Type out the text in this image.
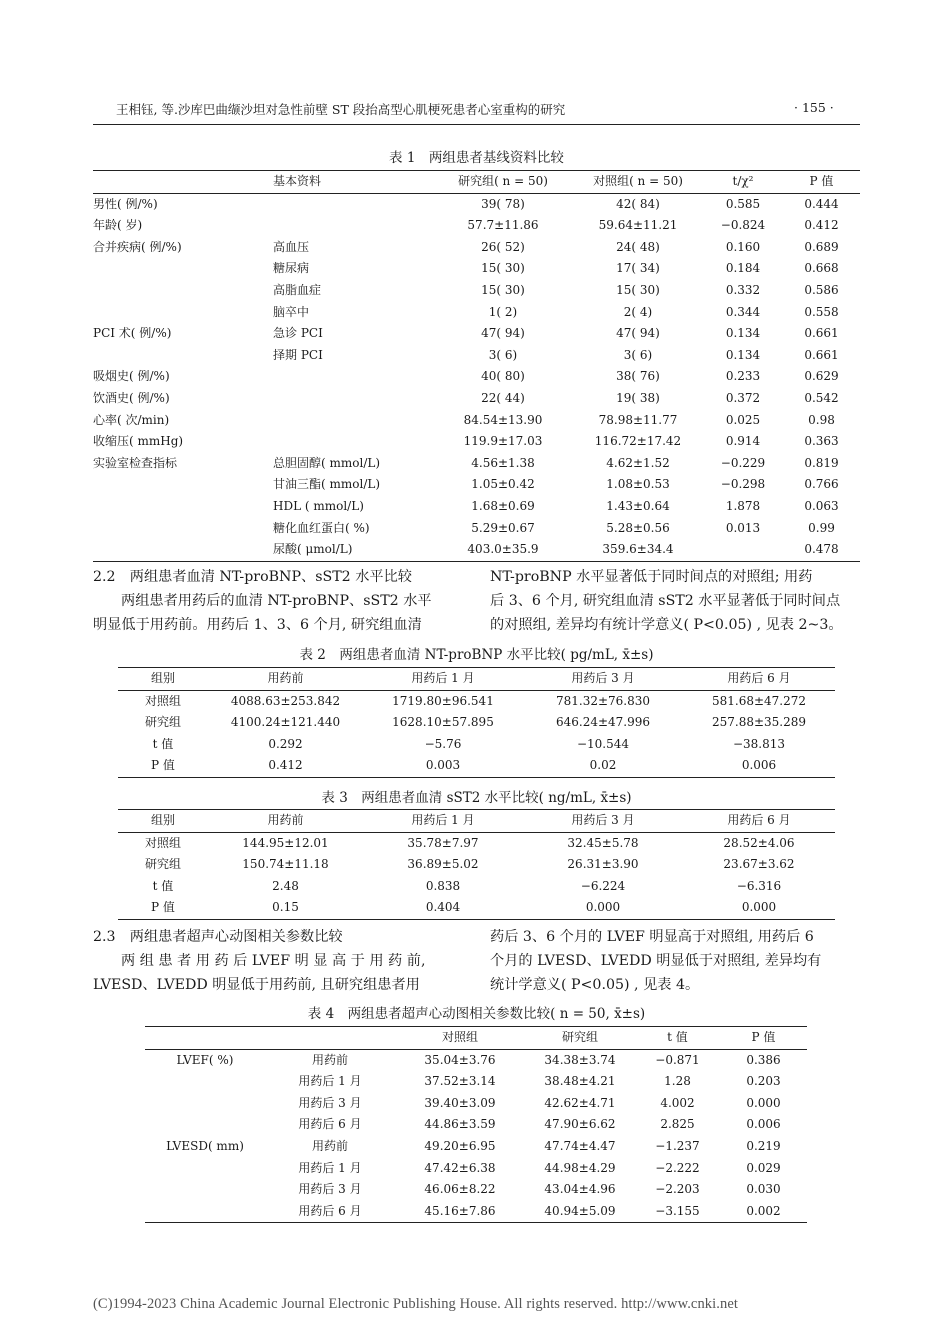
王相钰, 等.沙库巴曲缬沙坦对急性前壁 ST 段抬高型心肌梗死患者心室重构的研究	· 155 ·
表 1　两组患者基线资料比较
	基本资料	研究组( n = 50)	对照组( n = 50)	t/χ²	P 值
男性( 例/%)		39( 78)	42( 84)	0.585	0.444
年龄( 岁)		57.7±11.86	59.64±11.21	−0.824	0.412
合并疾病( 例/%)	高血压	26( 52)	24( 48)	0.160	0.689
	糖尿病	15( 30)	17( 34)	0.184	0.668
	高脂血症	15( 30)	15( 30)	0.332	0.586
	脑卒中	1( 2)	2( 4)	0.344	0.558
PCI 术( 例/%)	急诊 PCI	47( 94)	47( 94)	0.134	0.661
	择期 PCI	3( 6)	3( 6)	0.134	0.661
吸烟史( 例/%)		40( 80)	38( 76)	0.233	0.629
饮酒史( 例/%)		22( 44)	19( 38)	0.372	0.542
心率( 次/min)		84.54±13.90	78.98±11.77	0.025	0.98
收缩压( mmHg)		119.9±17.03	116.72±17.42	0.914	0.363
实验室检查指标	总胆固醇( mmol/L)	4.56±1.38	4.62±1.52	−0.229	0.819
	甘油三酯( mmol/L)	1.05±0.42	1.08±0.53	−0.298	0.766
	HDL ( mmol/L)	1.68±0.69	1.43±0.64	1.878	0.063
	糖化血红蛋白( %)	5.29±0.67	5.28±0.56	0.013	0.99
	尿酸( μmol/L)	403.0±35.9	359.6±34.4		0.478

2.2　两组患者血清 NT-proBNP、sST2 水平比较

两组患者用药后的血清 NT-proBNP、sST2 水平

明显低于用药前。用药后 1、3、6 个月, 研究组血清

NT-proBNP 水平显著低于同时间点的对照组; 用药

后 3、6 个月, 研究组血清 sST2 水平显著低于同时间点

的对照组, 差异均有统计学意义( P<0.05) , 见表 2~3。

表 2　两组患者血清 NT-proBNP 水平比较( pg/mL, x̄±s)
组别	用药前	用药后 1 月	用药后 3 月	用药后 6 月
对照组	4088.63±253.842	1719.80±96.541	781.32±76.830	581.68±47.272
研究组	4100.24±121.440	1628.10±57.895	646.24±47.996	257.88±35.289
t 值	0.292	−5.76	−10.544	−38.813
P 值	0.412	0.003	0.02	0.006
表 3　两组患者血清 sST2 水平比较( ng/mL, x̄±s)
组别	用药前	用药后 1 月	用药后 3 月	用药后 6 月
对照组	144.95±12.01	35.78±7.97	32.45±5.78	28.52±4.06
研究组	150.74±11.18	36.89±5.02	26.31±3.90	23.67±3.62
t 值	2.48	0.838	−6.224	−6.316
P 值	0.15	0.404	0.000	0.000

2.3　两组患者超声心动图相关参数比较

两 组 患 者 用 药 后 LVEF 明 显 高 于 用 药 前,

LVESD、LVEDD 明显低于用药前, 且研究组患者用

药后 3、6 个月的 LVEF 明显高于对照组, 用药后 6

个月的 LVESD、LVEDD 明显低于对照组, 差异均有

统计学意义( P<0.05) , 见表 4。

表 4　两组患者超声心动图相关参数比较( n = 50, x̄±s)
		对照组	研究组	t 值	P 值
LVEF( %)	用药前	35.04±3.76	34.38±3.74	−0.871	0.386
	用药后 1 月	37.52±3.14	38.48±4.21	1.28	0.203
	用药后 3 月	39.40±3.09	42.62±4.71	4.002	0.000
	用药后 6 月	44.86±3.59	47.90±6.62	2.825	0.006
LVESD( mm)	用药前	49.20±6.95	47.74±4.47	−1.237	0.219
	用药后 1 月	47.42±6.38	44.98±4.29	−2.222	0.029
	用药后 3 月	46.06±8.22	43.04±4.96	−2.203	0.030
	用药后 6 月	45.16±7.86	40.94±5.09	−3.155	0.002
(C)1994-2023 China Academic Journal Electronic Publishing House. All rights reserved. http://www.cnki.net
